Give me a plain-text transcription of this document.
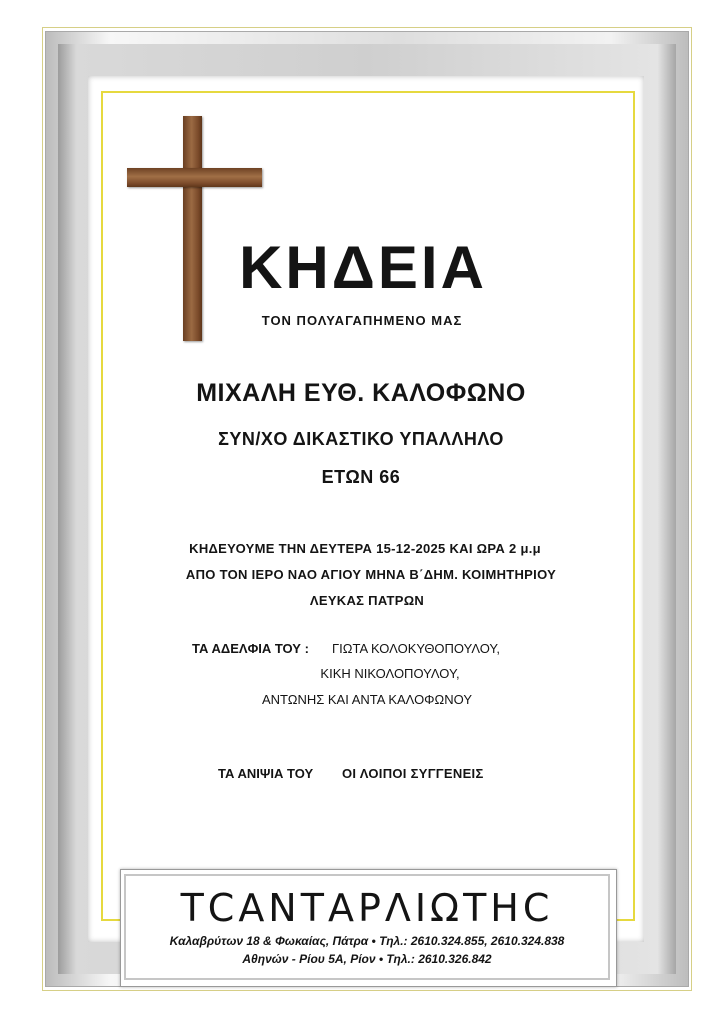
ΚΗΔΕΙΑ
ΤΟΝ ΠΟΛΥΑΓΑΠΗΜΕΝΟ ΜΑΣ
ΜΙΧΑΛΗ ΕΥΘ. ΚΑΛΟΦΩΝΟ
ΣΥΝ/ΧΟ ΔΙΚΑΣΤΙΚΟ ΥΠΑΛΛΗΛΟ
ΕΤΩΝ 66
ΚΗΔΕΥΟΥΜΕ ΤΗΝ ΔΕΥΤΕΡΑ 15-12-2025 ΚΑΙ ΩΡΑ 2 μ.μ
ΑΠΟ ΤΟΝ ΙΕΡΟ ΝΑΟ ΑΓΙΟΥ ΜΗΝΑ Β΄ΔΗΜ. ΚΟΙΜΗΤΗΡΙΟΥ
ΛΕΥΚΑΣ ΠΑΤΡΩΝ
ΤΑ ΑΔΕΛΦΙΑ ΤΟΥ : ΓΙΩΤΑ ΚΟΛΟΚΥΘΟΠΟΥΛΟΥ,
ΚΙΚΗ ΝΙΚΟΛΟΠΟΥΛΟΥ,
ΑΝΤΩΝΗΣ ΚΑΙ ΑΝΤΑ ΚΑΛΟΦΩΝΟΥ
ΤΑ ΑΝΙΨΙΑ ΤΟΥ ΟΙ ΛΟΙΠΟΙ ΣΥΓΓΕΝΕΙΣ
ΤCΑΝΤΑΡΛΙΩΤΗC
Καλαβρύτων 18 & Φωκαίας, Πάτρα • Τηλ.: 2610.324.855, 2610.324.838
Αθηνών - Ρίου 5Α, Ρίον • Τηλ.: 2610.326.842
